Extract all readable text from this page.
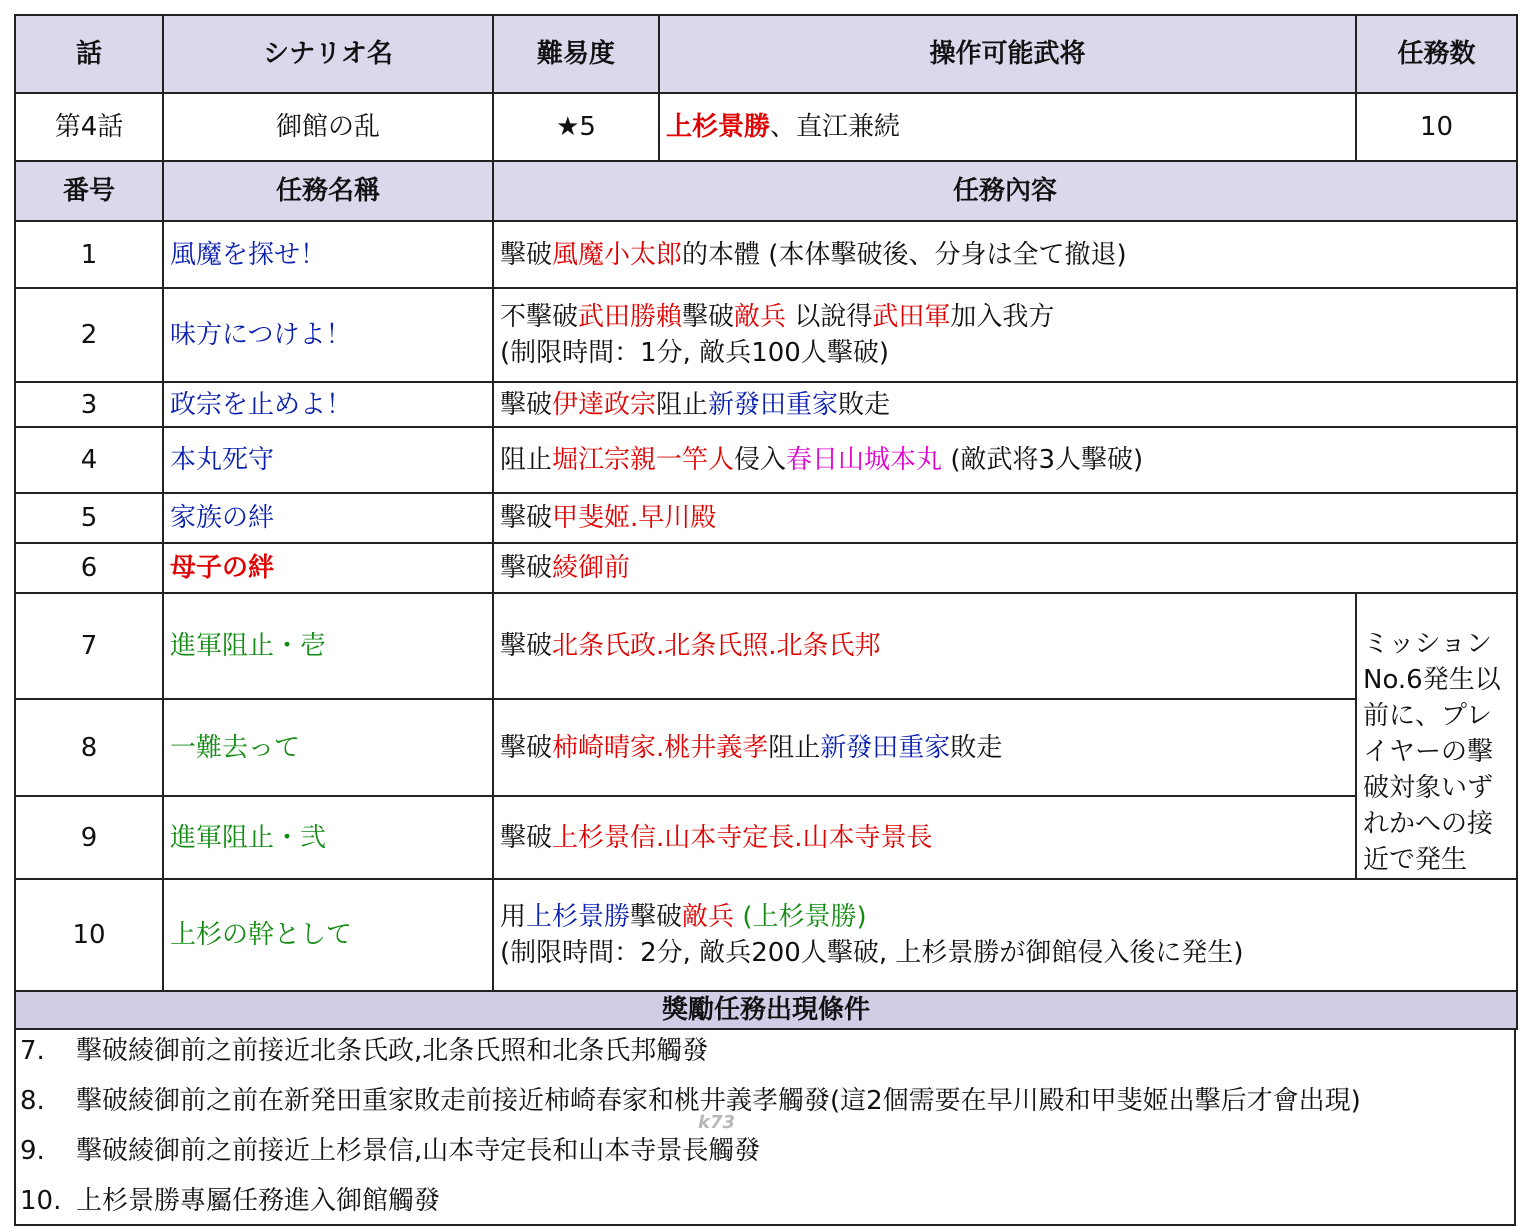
話	シナリオ名	難易度	操作可能武将	任務数
第4話	御館の乱	★5	上杉景勝、直江兼続	10
番号	任務名稱	任務內容		
1	風魔を探せ！	擊破風魔小太郎的本體 (本体擊破後、分身は全て撤退)		
2	味方につけよ！	不擊破武田勝賴擊破敵兵 以說得武田軍加入我方
(制限時間：1分, 敵兵100人擊破)		
3	政宗を止めよ！	擊破伊達政宗阻止新發田重家敗走		
4	本丸死守	阻止堀江宗親一竿人侵入春日山城本丸 (敵武将3人擊破)		
5	家族の絆	擊破甲斐姬.早川殿		
6	母子の絆	擊破綾御前		
7	進軍阻止・壱	擊破北条氏政.北条氏照.北条氏邦		ミッションNo.6発生以前に、プレイヤーの擊破対象いずれかへの接近で発生
8	一難去って	擊破柿崎晴家.桃井義孝阻止新發田重家敗走		
9	進軍阻止・弐	擊破上杉景信.山本寺定長.山本寺景長		
10	上杉の幹として	用上杉景勝擊破敵兵 (上杉景勝)
(制限時間：2分, 敵兵200人擊破, 上杉景勝が御館侵入後に発生)		
獎勵任務出現條件				
7.	擊破綾御前之前接近北条氏政,北条氏照和北条氏邦觸發
8.	擊破綾御前之前在新発田重家敗走前接近柿崎春家和桃井義孝觸發(這2個需要在早川殿和甲斐姬出擊后才會出現)
9.	擊破綾御前之前接近上杉景信,山本寺定長和山本寺景長觸發
10. 上杉景勝專屬任務進入御館觸發
k73
